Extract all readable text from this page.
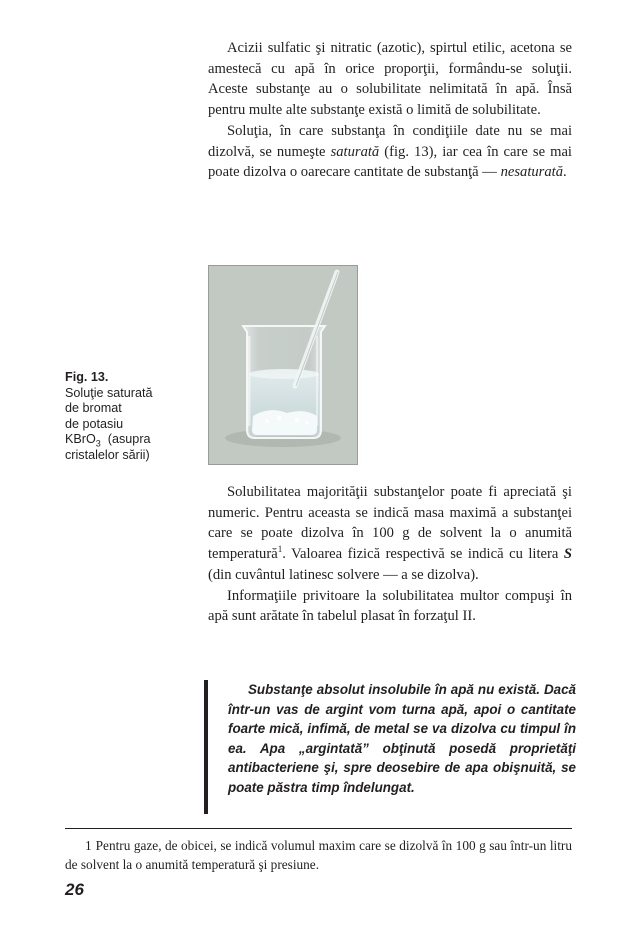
Acizii sulfatic şi nitratic (azotic), spirtul etilic, acetona se amestecă cu apă în orice proporţii, formându-se soluţii. Aceste substanţe au o solubilitate nelimitată în apă. Însă pentru multe alte substanţe există o limită de solubilitate.

Soluţia, în care substanţa în condiţiile date nu se mai dizolvă, se numeşte saturată (fig. 13), iar cea în care se mai poate dizolva o oarecare cantitate de substanţă — nesaturată.

Fig. 13.
Soluţie saturată
de bromat
de potasiu
KBrO$_3$  (asupra
cristalelor sării)

Solubilitatea majorităţii substanţelor poate fi apreciată şi numeric. Pentru aceasta se indică masa maximă a substanţei care se poate dizolva în 100 g de solvent la o anumită temperatură$^1$. Valoarea fizică respectivă se indică cu litera S (din cuvântul latinesc solvere — a se dizolva).

Informaţiile privitoare la solubilitatea multor compuşi în apă sunt arătate în tabelul plasat în forzaţul II.

Substanţe absolut insolubile în apă nu există. Dacă într-un vas de argint vom turna apă, apoi o cantitate foarte mică, infimă, de metal se va dizolva cu timpul în ea. Apa „argintată” obţinută posedă proprietăţi antibacteriene şi, spre deosebire de apa obişnuită, se poate păstra timp îndelungat.

1 Pentru gaze, de obicei, se indică volumul maxim care se dizolvă în 100 g sau într-un litru de solvent la o anumită temperatură şi presiune.

26
